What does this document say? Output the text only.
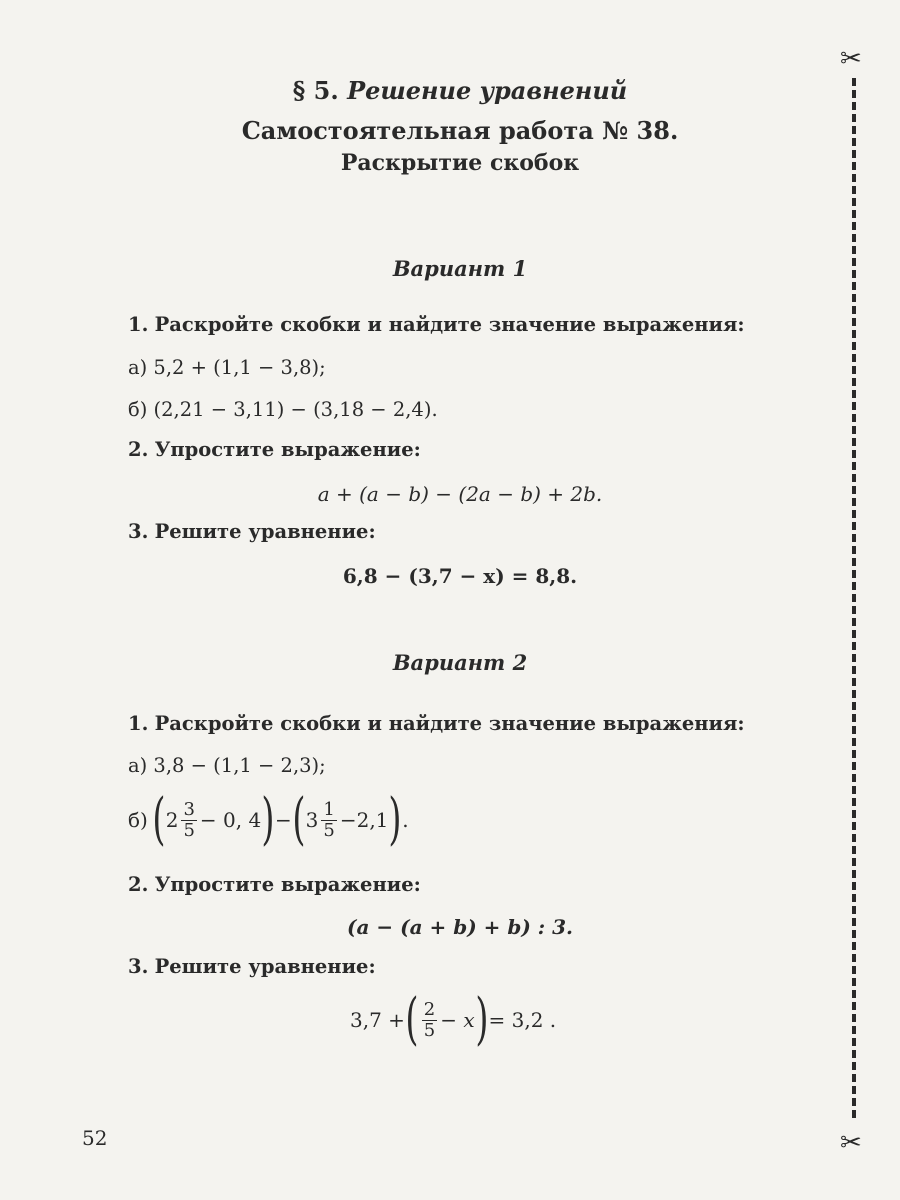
§ 5. Решение уравнений
Самостоятельная работа № 38.
Раскрытие скобок
Вариант 1
1. Раскройте скобки и найдите значение выражения:
а) 5,2 + (1,1 − 3,8);
б) (2,21 − 3,11) − (3,18 − 2,4).
2. Упростите выражение:
a + (a − b) − (2a − b) + 2b.
3. Решите уравнение:
6,8 − (3,7 − x) = 8,8.
Вариант 2
1. Раскройте скобки и найдите значение выражения:
а) 3,8 − (1,1 − 2,3);
б) ( $2 \frac{3}{5} - 0$, 4 ) − ( $3 \frac{1}{5} -2,1$ ) .
2. Упростите выражение:
(a − (a + b) + b) : 3.
3. Решите уравнение:
3,7 + ( $\frac{2}{5} - x$ ) = 3,2 .
✂
✂
52
